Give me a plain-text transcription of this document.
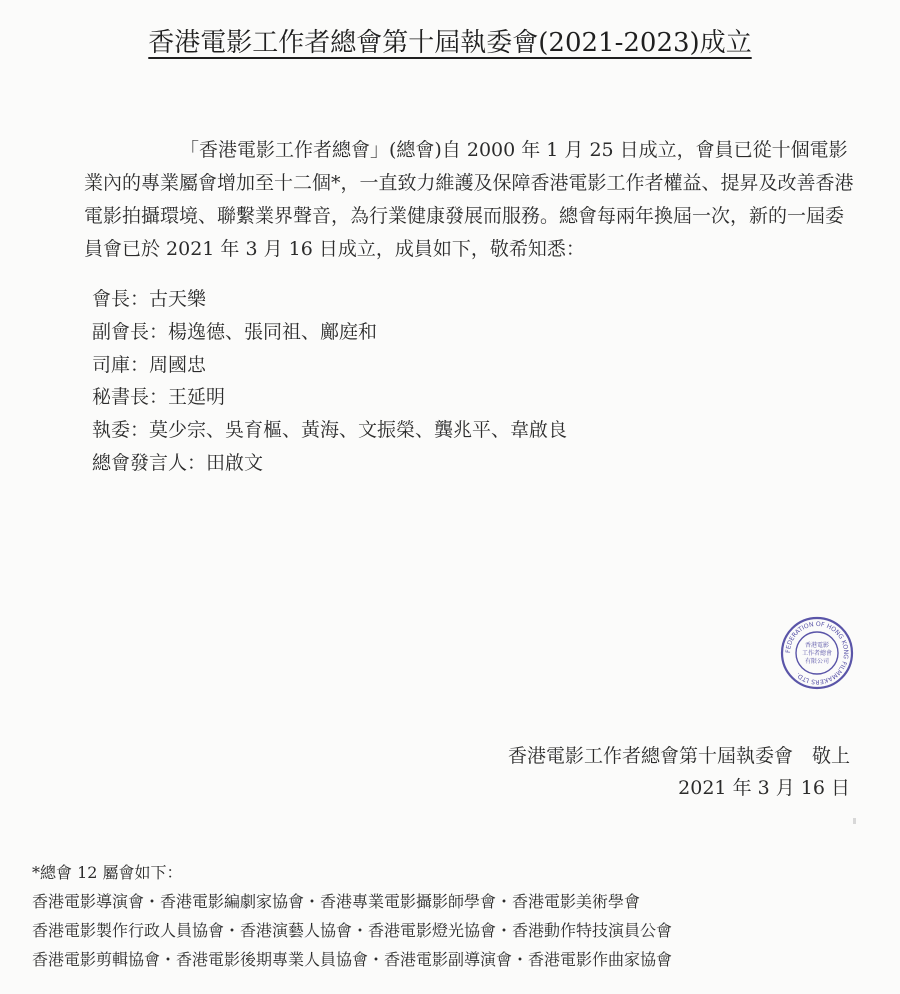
香港電影工作者總會第十屆執委會(2021-2023)成立

「香港電影工作者總會」(總會)自 2000 年 1 月 25 日成立，會員已從十個電影業內的專業屬會增加至十二個*，一直致力維護及保障香港電影工作者權益、提昇及改善香港電影拍攝環境、聯繫業界聲音，為行業健康發展而服務。總會每兩年換屆一次，新的一屆委員會已於 2021 年 3 月 16 日成立，成員如下，敬希知悉：

會長：古天樂
副會長：楊逸德、張同祖、鄺庭和
司庫：周國忠
秘書長：王延明
執委：莫少宗、吳育樞、黃海、文振榮、龔兆平、韋啟良
總會發言人：田啟文
FEDERATION OF HONG KONG FILMMAKERS LTD.
香港電影
工作者總會
有限公司
香港電影工作者總會第十屆執委會　敬上
2021 年 3 月 16 日
*總會 12 屬會如下：
香港電影導演會・香港電影編劇家協會・香港專業電影攝影師學會・香港電影美術學會
香港電影製作行政人員協會・香港演藝人協會・香港電影燈光協會・香港動作特技演員公會
香港電影剪輯協會・香港電影後期專業人員協會・香港電影副導演會・香港電影作曲家協會
